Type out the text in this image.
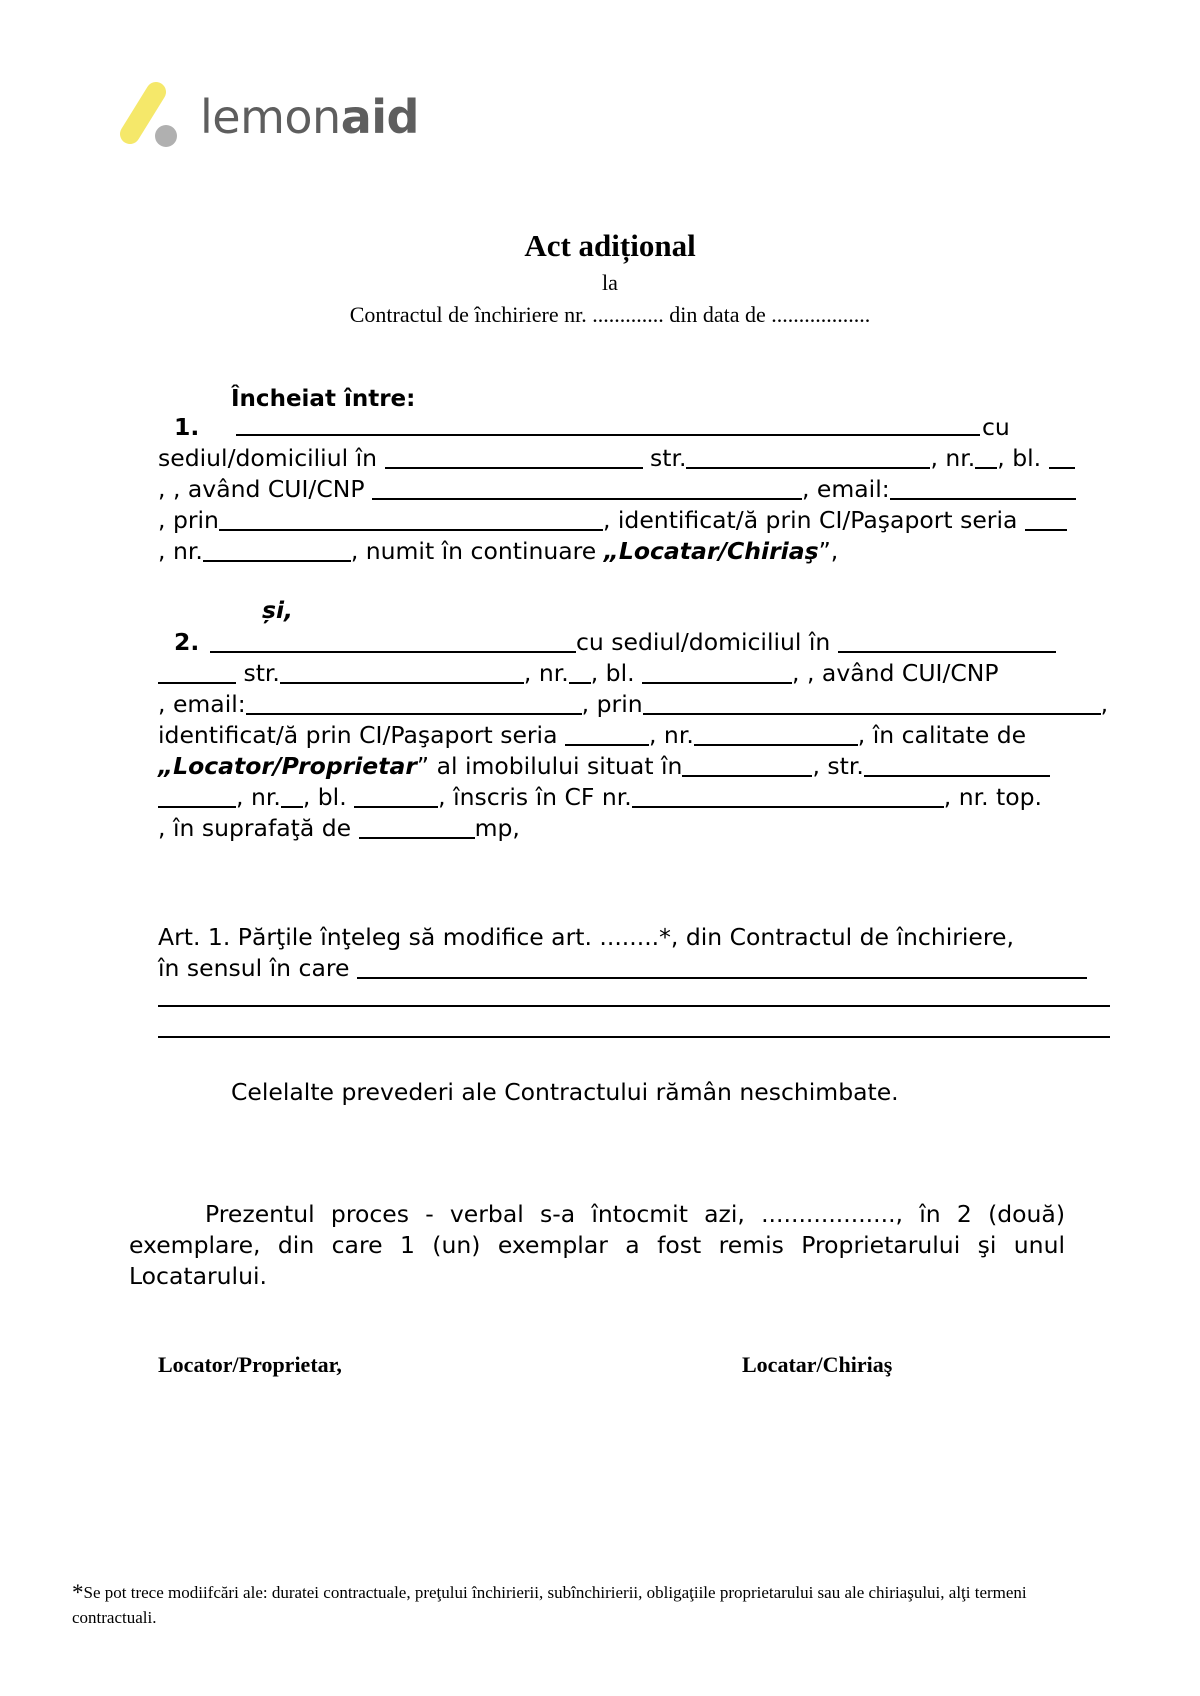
lemonaid
Act adițional
la
Contractul de închiriere nr. ............. din data de ..................
Încheiat între:
1.	cu
sediul/domiciliul în	str.	, nr. , bl.
, , având CUI/CNP	, email:
, prin	, identificat/ă prin CI/Paşaport seria
, nr.	, numit în continuare „Locatar/Chiriaş”,
și,
2.	cu sediul/domiciliul în
str.	, nr. , bl.	, , având CUI/CNP
, email:	, prin	,
identificat/ă prin CI/Paşaport seria	, nr.	, în calitate de
„Locator/Proprietar” al imobilului situat în	, str.
, nr. , bl.	, înscris în CF nr.	, nr. top.
, în suprafaţă de	mp,
Art. 1. Părţile înţeleg să modifice art. ........*, din Contractul de închiriere,
în sensul în care
Celelalte prevederi ale Contractului rămân neschimbate.
Prezentul proces - verbal s-a întocmit azi, .................., în 2 (două) exemplare, din care 1 (un) exemplar a fost remis Proprietarului şi unul Locatarului.
Locator/Proprietar,	Locatar/Chiriaş
*Se pot trece modiifcări ale: duratei contractuale, preţului închirierii, subînchirierii, obligaţiile proprietarului sau ale chiriaşului, alţi termeni contractuali.
